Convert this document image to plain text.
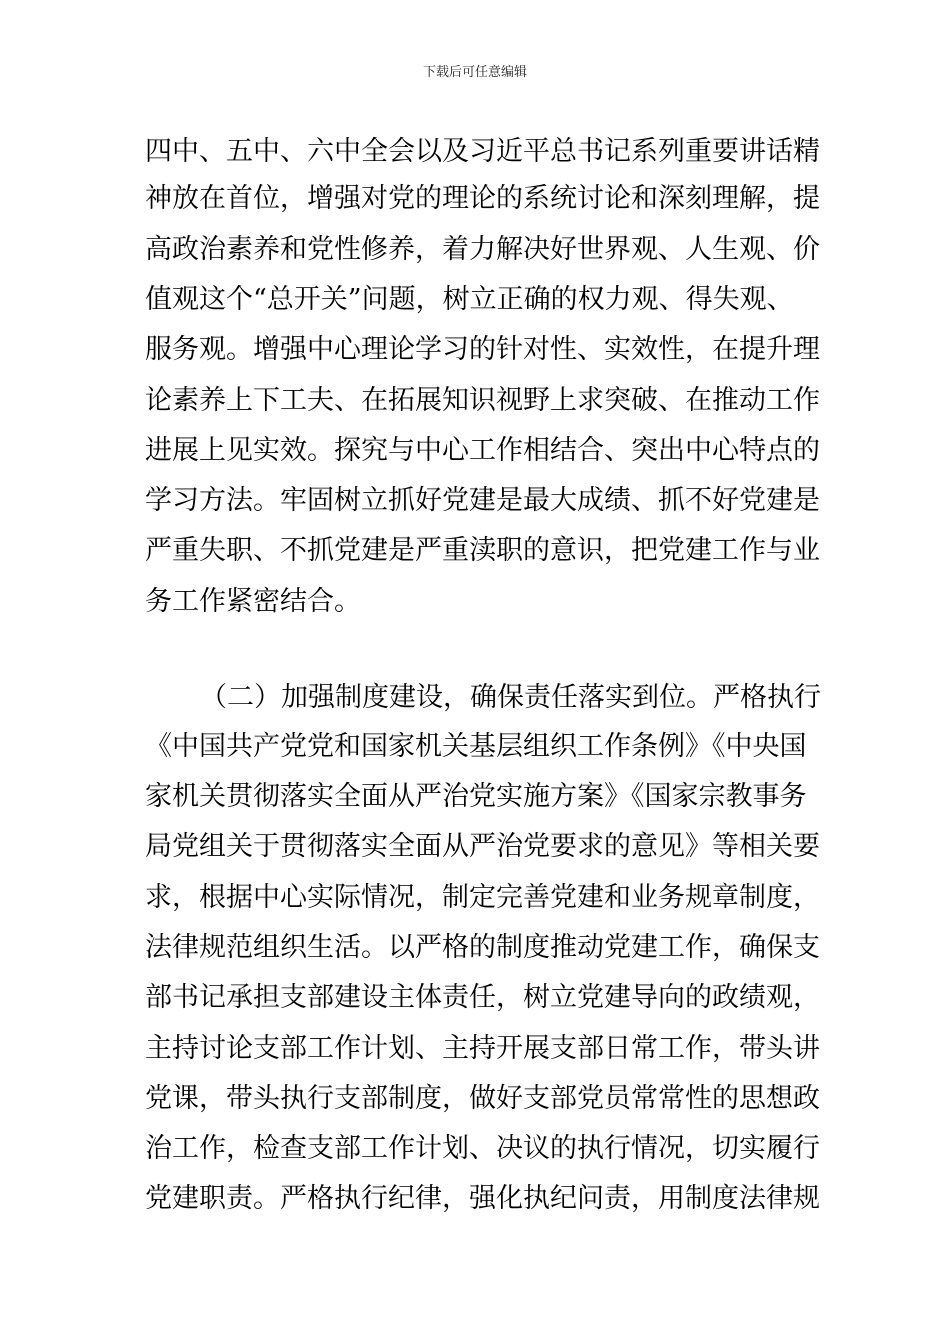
下载后可任意编辑
四中、五中、六中全会以及习近平总书记系列重要讲话精
神放在首位，增强对党的理论的系统讨论和深刻理解，提
高政治素养和党性修养，着力解决好世界观、人生观、价
值观这个“总开关”问题，树立正确的权力观、得失观、
服务观。增强中心理论学习的针对性、实效性，在提升理
论素养上下工夫、在拓展知识视野上求突破、在推动工作
进展上见实效。探究与中心工作相结合、突出中心特点的
学习方法。牢固树立抓好党建是最大成绩、抓不好党建是
严重失职、不抓党建是严重渎职的意识，把党建工作与业
务工作紧密结合。
（二）加强制度建设，确保责任落实到位。严格执行
《中国共产党党和国家机关基层组织工作条例》《中央国
家机关贯彻落实全面从严治党实施方案》《国家宗教事务
局党组关于贯彻落实全面从严治党要求的意见》等相关要
求，根据中心实际情况，制定完善党建和业务规章制度，
法律规范组织生活。以严格的制度推动党建工作，确保支
部书记承担支部建设主体责任，树立党建导向的政绩观，
主持讨论支部工作计划、主持开展支部日常工作，带头讲
党课，带头执行支部制度，做好支部党员常常性的思想政
治工作，检查支部工作计划、决议的执行情况，切实履行
党建职责。严格执行纪律，强化执纪问责，用制度法律规
